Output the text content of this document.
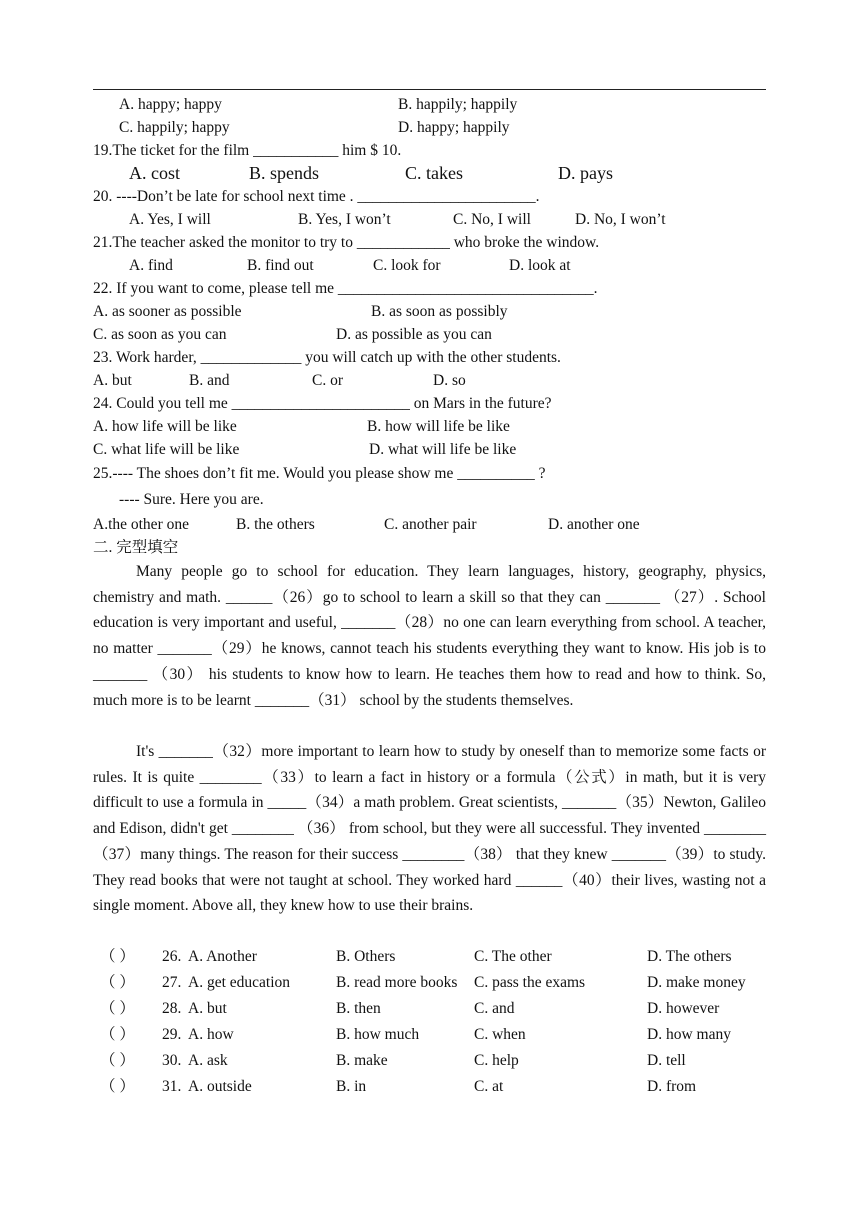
A. happy; happy	B. happily; happily
C. happily; happy	D. happy; happily
19.The ticket for the film ___________ him $ 10.
A. cost	B. spends	C. takes	D. pays
20. ----Don’t be late for school next time . _______________________.
A. Yes, I will	B. Yes, I won’t	C. No, I will	D. No, I won’t
21.The teacher asked the monitor to try to ____________ who broke the window.
A. find	B. find out	C. look for	D. look at
22. If you want to come, please tell me _________________________________.
A. as sooner as possible	B. as soon as possibly
C. as soon as you can	D. as possible as you can
23. Work harder, _____________ you will catch up with the other students.
A. but	B. and	C. or	D. so
24. Could you tell me _______________________ on Mars in the future?
A. how life will be like	B. how will life be like
C. what life will be like	D. what will life be like
25.---- The shoes don’t fit me. Would you please show me __________ ?
---- Sure. Here you are.
A.the other one	B. the others	C. another pair	D. another one
二. 完型填空
Many people go to school for education. They learn languages, history, geography, physics, chemistry and math. ______（26）go to school to learn a skill so that they can _______ （27）. School education is very important and useful, _______（28）no one can learn everything from school. A teacher, no matter _______（29）he knows, cannot teach his students everything they want to know. His job is to _______ （30） his students to know how to learn. He teaches them how to read and how to think. So, much more is to be learnt _______（31） school by the students themselves.
It's _______（32）more important to learn how to study by oneself than to memorize some facts or rules. It is quite ________（33）to learn a fact in history or a formula（公式）in math, but it is very difficult to use a formula in _____（34）a math problem. Great scientists, _______（35）Newton, Galileo and Edison, didn't get ________ （36） from school, but they were all successful. They invented ________（37）many things. The reason for their success ________（38） that they knew _______（39）to study. They read books that were not taught at school. They worked hard ______（40）their lives, wasting not a single moment. Above all, they knew how to use their brains.
（ ） 26. A. Another	B. Others	C. The other	D. The others
（ ） 27. A. get education	B. read more books C. pass the exams	D. make money
（ ） 28. A. but	B. then	C. and	D. however
（ ） 29. A. how	B. how much	C. when	D. how many
（ ） 30. A. ask	B. make	C. help	D. tell
（ ） 31. A. outside	B. in	C. at	D. from
